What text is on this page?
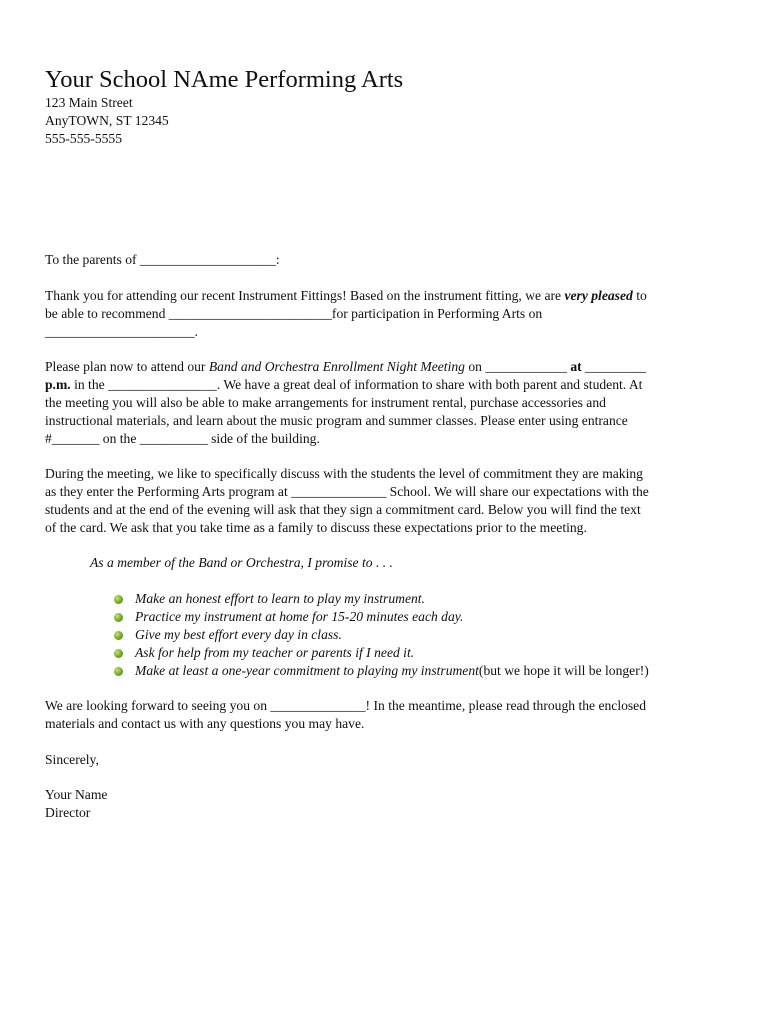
Your School NAme Performing Arts
123 Main Street
AnyTOWN, ST 12345
555-555-5555
To the parents of ____________________:
Thank you for attending our recent Instrument Fittings! Based on the instrument fitting, we are very pleased to
be able to recommend ________________________for participation in Performing Arts on
______________________.
Please plan now to attend our Band and Orchestra Enrollment Night Meeting on ____________ at _________
p.m. in the ________________. We have a great deal of information to share with both parent and student. At
the meeting you will also be able to make arrangements for instrument rental, purchase accessories and
instructional materials, and learn about the music program and summer classes. Please enter using entrance
#_______ on the __________ side of the building.
During the meeting, we like to specifically discuss with the students the level of commitment they are making
as they enter the Performing Arts program at ______________ School. We will share our expectations with the
students and at the end of the evening will ask that they sign a commitment card. Below you will find the text
of the card. We ask that you take time as a family to discuss these expectations prior to the meeting.
As a member of the Band or Orchestra, I promise to . . .
Make an honest effort to learn to play my instrument.
Practice my instrument at home for 15-20 minutes each day.
Give my best effort every day in class.
Ask for help from my teacher or parents if I need it.
Make at least a one-year commitment to playing my instrument (but we hope it will be longer!)
We are looking forward to seeing you on ______________! In the meantime, please read through the enclosed
materials and contact us with any questions you may have.
Sincerely,
Your Name
Director
